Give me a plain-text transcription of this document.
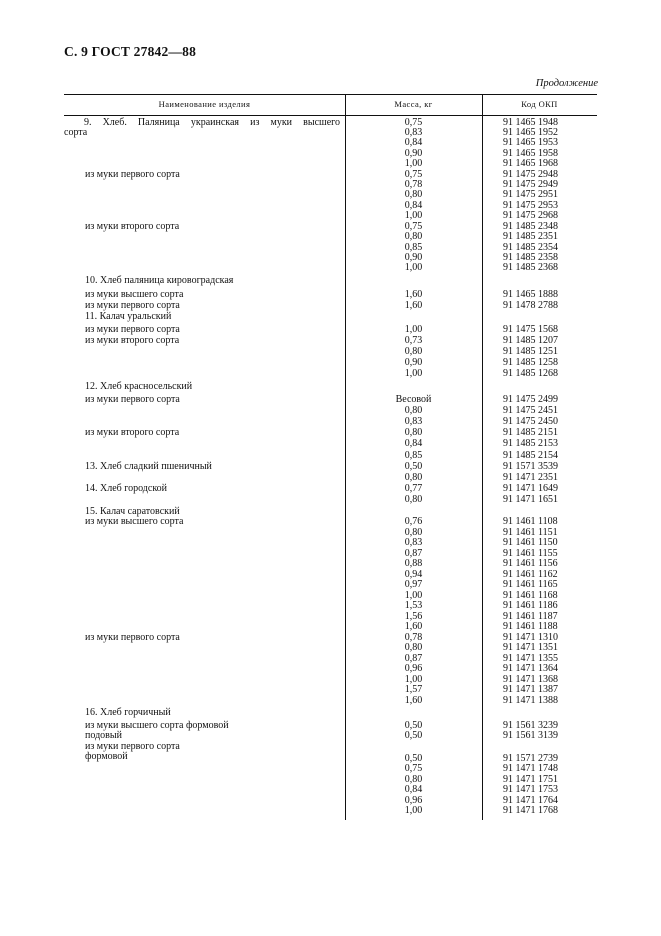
С. 9 ГОСТ 27842—88
Продолжение
Наименование изделия	Масса, кг	Код ОКП
9. Хлеб. Паляница украинская из муки высшего	0,75	91 1465 1948
сорта	0,83	91 1465 1952
0,84	91 1465 1953
0,90	91 1465 1958
1,00	91 1465 1968
из муки первого сорта	0,75	91 1475 2948
0,78	91 1475 2949
0,80	91 1475 2951
0,84	91 1475 2953
1,00	91 1475 2968
из муки второго сорта	0,75	91 1485 2348
0,80	91 1485 2351
0,85	91 1485 2354
0,90	91 1485 2358
1,00	91 1485 2368
10. Хлеб паляница кировоградская
из муки высшего сорта	1,60	91 1465 1888
из муки первого сорта	1,60	91 1478 2788
11. Калач уральский
из муки первого сорта	1,00	91 1475 1568
из муки второго сорта	0,73	91 1485 1207
0,80	91 1485 1251
0,90	91 1485 1258
1,00	91 1485 1268
12. Хлеб красносельский
из муки первого сорта	Весовой	91 1475 2499
0,80	91 1475 2451
0,83	91 1475 2450
из муки второго сорта	0,80	91 1485 2151
0,84	91 1485 2153
0,85	91 1485 2154
13. Хлеб сладкий пшеничный	0,50	91 1571 3539
0,80	91 1471 2351
14. Хлеб городской	0,77	91 1471 1649
0,80	91 1471 1651
15. Калач саратовский
из муки высшего сорта	0,76	91 1461 1108
0,80	91 1461 1151
0,83	91 1461 1150
0,87	91 1461 1155
0,88	91 1461 1156
0,94	91 1461 1162
0,97	91 1461 1165
1,00	91 1461 1168
1,53	91 1461 1186
1,56	91 1461 1187
1,60	91 1461 1188
из муки первого сорта	0,78	91 1471 1310
0,80	91 1471 1351
0,87	91 1471 1355
0,96	91 1471 1364
1,00	91 1471 1368
1,57	91 1471 1387
1,60	91 1471 1388
16. Хлеб горчичный
из муки высшего сорта формовой	0,50	91 1561 3239
подовый	0,50	91 1561 3139
из муки первого сорта
формовой	0,50	91 1571 2739
0,75	91 1471 1748
0,80	91 1471 1751
0,84	91 1471 1753
0,96	91 1471 1764
1,00	91 1471 1768
